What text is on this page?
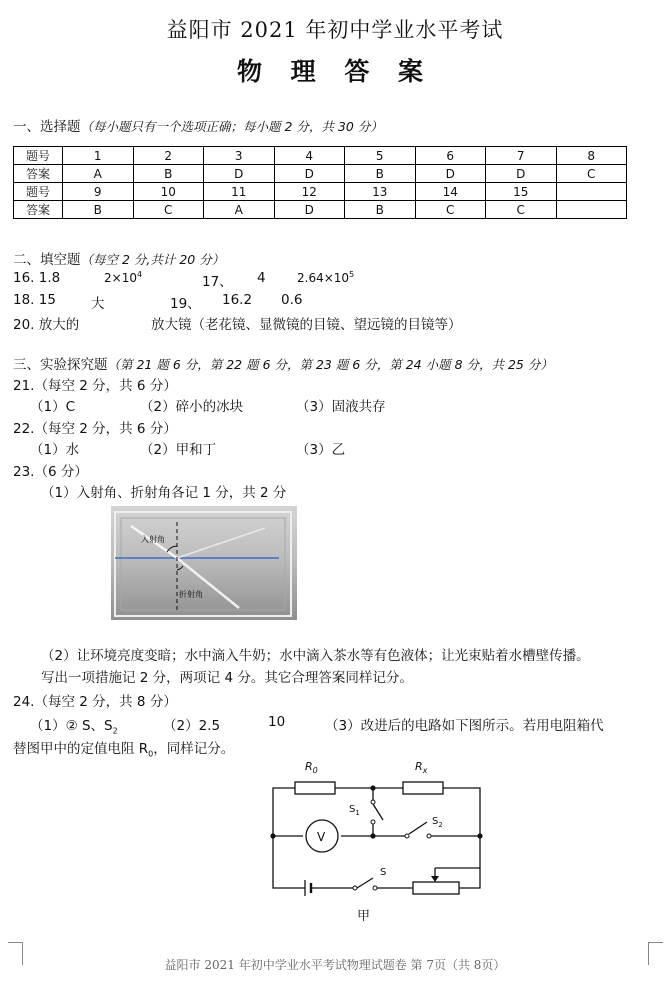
益阳市 2021 年初中学业水平考试
物 理 答 案
一、选择题（每小题只有一个选项正确；每小题 2 分，共 30 分）
题号	1	2	3	4	5	6	7	8
答案	A	B	D	D	B	D	D	C
题号	9	10	11	12	13	14	15	
答案	B	C	A	D	B	C	C	
二、填空题（每空 2 分,共计 20 分）
16. 1.8	$2\times 10^4$	17、 4	$2.64\times 10^5$
18. 15	大	19、 16.2 0.6
20. 放大的	放大镜（老花镜、显微镜的目镜、望远镜的目镜等）
三、实验探究题（第 21 题 6 分，第 22 题 6 分，第 23 题 6 分，第 24 小题 8 分，共 25 分）
21.（每空 2 分，共 6 分）
（1）C	（2）碎小的冰块	（3）固液共存
22.（每空 2 分，共 6 分）
（1）水	（2）甲和丁	（3）乙
23.（6 分）
（1）入射角、折射角各记 1 分，共 2 分
入射角
折射角
（2）让环境亮度变暗；水中滴入牛奶；水中滴入茶水等有色液体；让光束贴着水槽壁传播。
写出一项措施记 2 分，两项记 4 分。其它合理答案同样记分。
24.（每空 2 分，共 8 分）
（1）② S、$S_2$	（2）2.5	10	（3）改进后的电路如下图所示。若用电阻箱代
替图甲中的定值电阻 $R_0$，同样记分。
$R_0$	$R_x$
$S_1$
$S_2$
S
V
甲
益阳市 2021 年初中学业水平考试物理试题卷 第 7页（共 8页）
